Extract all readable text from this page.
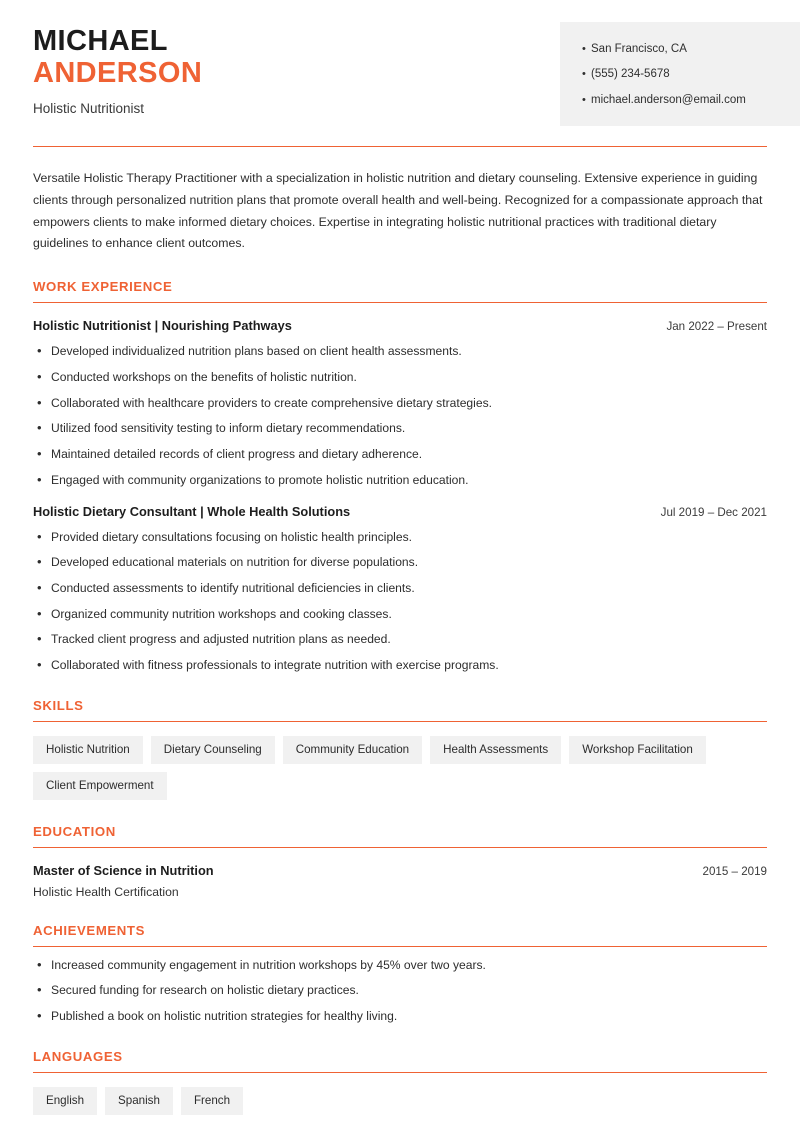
MICHAEL
ANDERSON
Holistic Nutritionist
• San Francisco, CA
• (555) 234-5678
• michael.anderson@email.com

Versatile Holistic Therapy Practitioner with a specialization in holistic nutrition and dietary counseling. Extensive experience in guiding clients through personalized nutrition plans that promote overall health and well-being. Recognized for a compassionate approach that empowers clients to make informed dietary choices. Expertise in integrating holistic nutritional practices with traditional dietary guidelines to enhance client outcomes.

WORK EXPERIENCE
Holistic Nutritionist | Nourishing Pathways	Jan 2022 – Present
• Developed individualized nutrition plans based on client health assessments.
• Conducted workshops on the benefits of holistic nutrition.
• Collaborated with healthcare providers to create comprehensive dietary strategies.
• Utilized food sensitivity testing to inform dietary recommendations.
• Maintained detailed records of client progress and dietary adherence.
• Engaged with community organizations to promote holistic nutrition education.
Holistic Dietary Consultant | Whole Health Solutions	Jul 2019 – Dec 2021
• Provided dietary consultations focusing on holistic health principles.
• Developed educational materials on nutrition for diverse populations.
• Conducted assessments to identify nutritional deficiencies in clients.
• Organized community nutrition workshops and cooking classes.
• Tracked client progress and adjusted nutrition plans as needed.
• Collaborated with fitness professionals to integrate nutrition with exercise programs.
SKILLS
Holistic Nutrition	Dietary Counseling	Community Education	Health Assessments	Workshop Facilitation
Client Empowerment
EDUCATION
Master of Science in Nutrition	2015 – 2019
Holistic Health Certification
ACHIEVEMENTS
• Increased community engagement in nutrition workshops by 45% over two years.
• Secured funding for research on holistic dietary practices.
• Published a book on holistic nutrition strategies for healthy living.
LANGUAGES
English	Spanish	French
